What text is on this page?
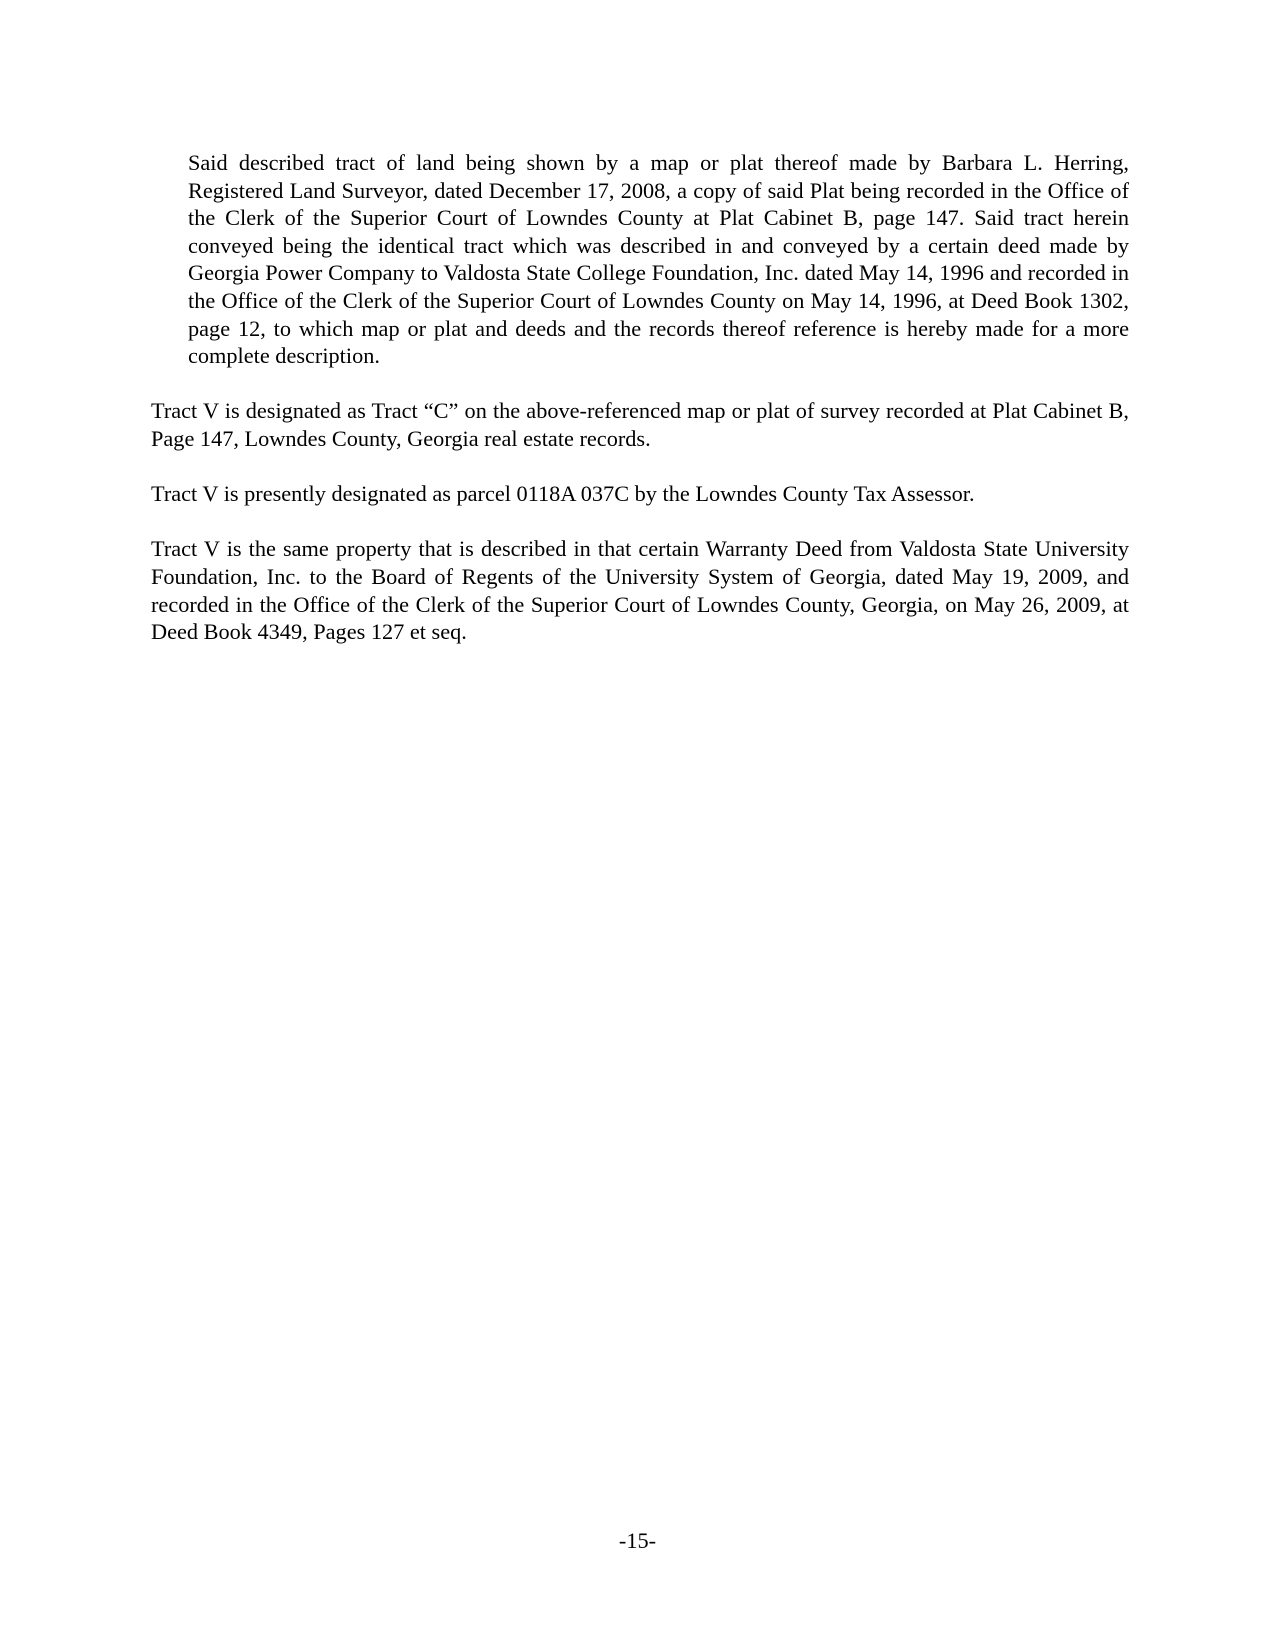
Said described tract of land being shown by a map or plat thereof made by Barbara L. Herring, Registered Land Surveyor, dated December 17, 2008, a copy of said Plat being recorded in the Office of the Clerk of the Superior Court of Lowndes County at Plat Cabinet B, page 147. Said tract herein conveyed being the identical tract which was described in and conveyed by a certain deed made by Georgia Power Company to Valdosta State College Foundation, Inc. dated May 14, 1996 and recorded in the Office of the Clerk of the Superior Court of Lowndes County on May 14, 1996, at Deed Book 1302, page 12, to which map or plat and deeds and the records thereof reference is hereby made for a more complete description.

Tract V is designated as Tract “C” on the above-referenced map or plat of survey recorded at Plat Cabinet B, Page 147, Lowndes County, Georgia real estate records.

Tract V is presently designated as parcel 0118A 037C by the Lowndes County Tax Assessor.

Tract V is the same property that is described in that certain Warranty Deed from Valdosta State University Foundation, Inc. to the Board of Regents of the University System of Georgia, dated May 19, 2009, and recorded in the Office of the Clerk of the Superior Court of Lowndes County, Georgia, on May 26, 2009, at Deed Book 4349, Pages 127 et seq.

-15-
